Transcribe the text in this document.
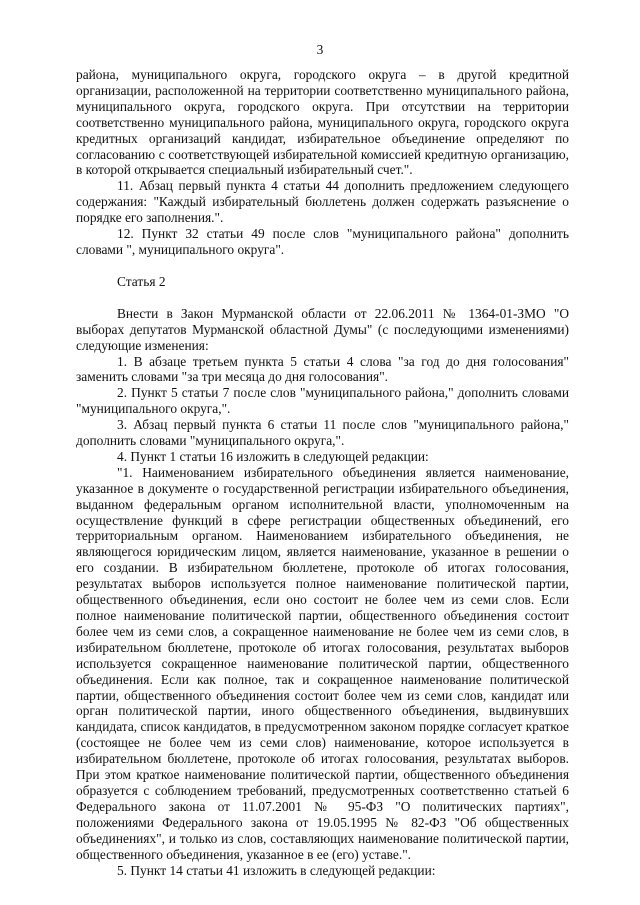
3

района, муниципального округа, городского округа – в другой кредитной организации, расположенной на территории соответственно муниципального района, муниципального округа, городского округа. При отсутствии на территории соответственно муниципального района, муниципального округа, городского округа кредитных организаций кандидат, избирательное объединение определяют по согласованию с соответствующей избирательной комиссией кредитную организацию, в которой открывается специальный избирательный счет.".

11. Абзац первый пункта 4 статьи 44 дополнить предложением следующего содержания: "Каждый избирательный бюллетень должен содержать разъяснение о порядке его заполнения.".

12. Пункт 32 статьи 49 после слов "муниципального района" дополнить словами ", муниципального округа".

Статья 2

Внести в Закон Мурманской области от 22.06.2011 № 1364-01-ЗМО "О выборах депутатов Мурманской областной Думы" (с последующими изменениями) следующие изменения:

1. В абзаце третьем пункта 5 статьи 4 слова "за год до дня голосования" заменить словами "за три месяца до дня голосования".

2. Пункт 5 статьи 7 после слов "муниципального района," дополнить словами "муниципального округа,".

3. Абзац первый пункта 6 статьи 11 после слов "муниципального района," дополнить словами "муниципального округа,".

4. Пункт 1 статьи 16 изложить в следующей редакции:

"1. Наименованием избирательного объединения является наименование, указанное в документе о государственной регистрации избирательного объединения, выданном федеральным органом исполнительной власти, уполномоченным на осуществление функций в сфере регистрации общественных объединений, его территориальным органом. Наименованием избирательного объединения, не являющегося юридическим лицом, является наименование, указанное в решении о его создании. В избирательном бюллетене, протоколе об итогах голосования, результатах выборов используется полное наименование политической партии, общественного объединения, если оно состоит не более чем из семи слов. Если полное наименование политической партии, общественного объединения состоит более чем из семи слов, а сокращенное наименование не более чем из семи слов, в избирательном бюллетене, протоколе об итогах голосования, результатах выборов используется сокращенное наименование политической партии, общественного объединения. Если как полное, так и сокращенное наименование политической партии, общественного объединения состоит более чем из семи слов, кандидат или орган политической партии, иного общественного объединения, выдвинувших кандидата, список кандидатов, в предусмотренном законом порядке согласует краткое (состоящее не более чем из семи слов) наименование, которое используется в избирательном бюллетене, протоколе об итогах голосования, результатах выборов. При этом краткое наименование политической партии, общественного объединения образуется с соблюдением требований, предусмотренных соответственно статьей 6 Федерального закона от 11.07.2001 № 95-ФЗ "О политических партиях", положениями Федерального закона от 19.05.1995 № 82-ФЗ "Об общественных объединениях", и только из слов, составляющих наименование политической партии, общественного объединения, указанное в ее (его) уставе.".

5. Пункт 14 статьи 41 изложить в следующей редакции:
